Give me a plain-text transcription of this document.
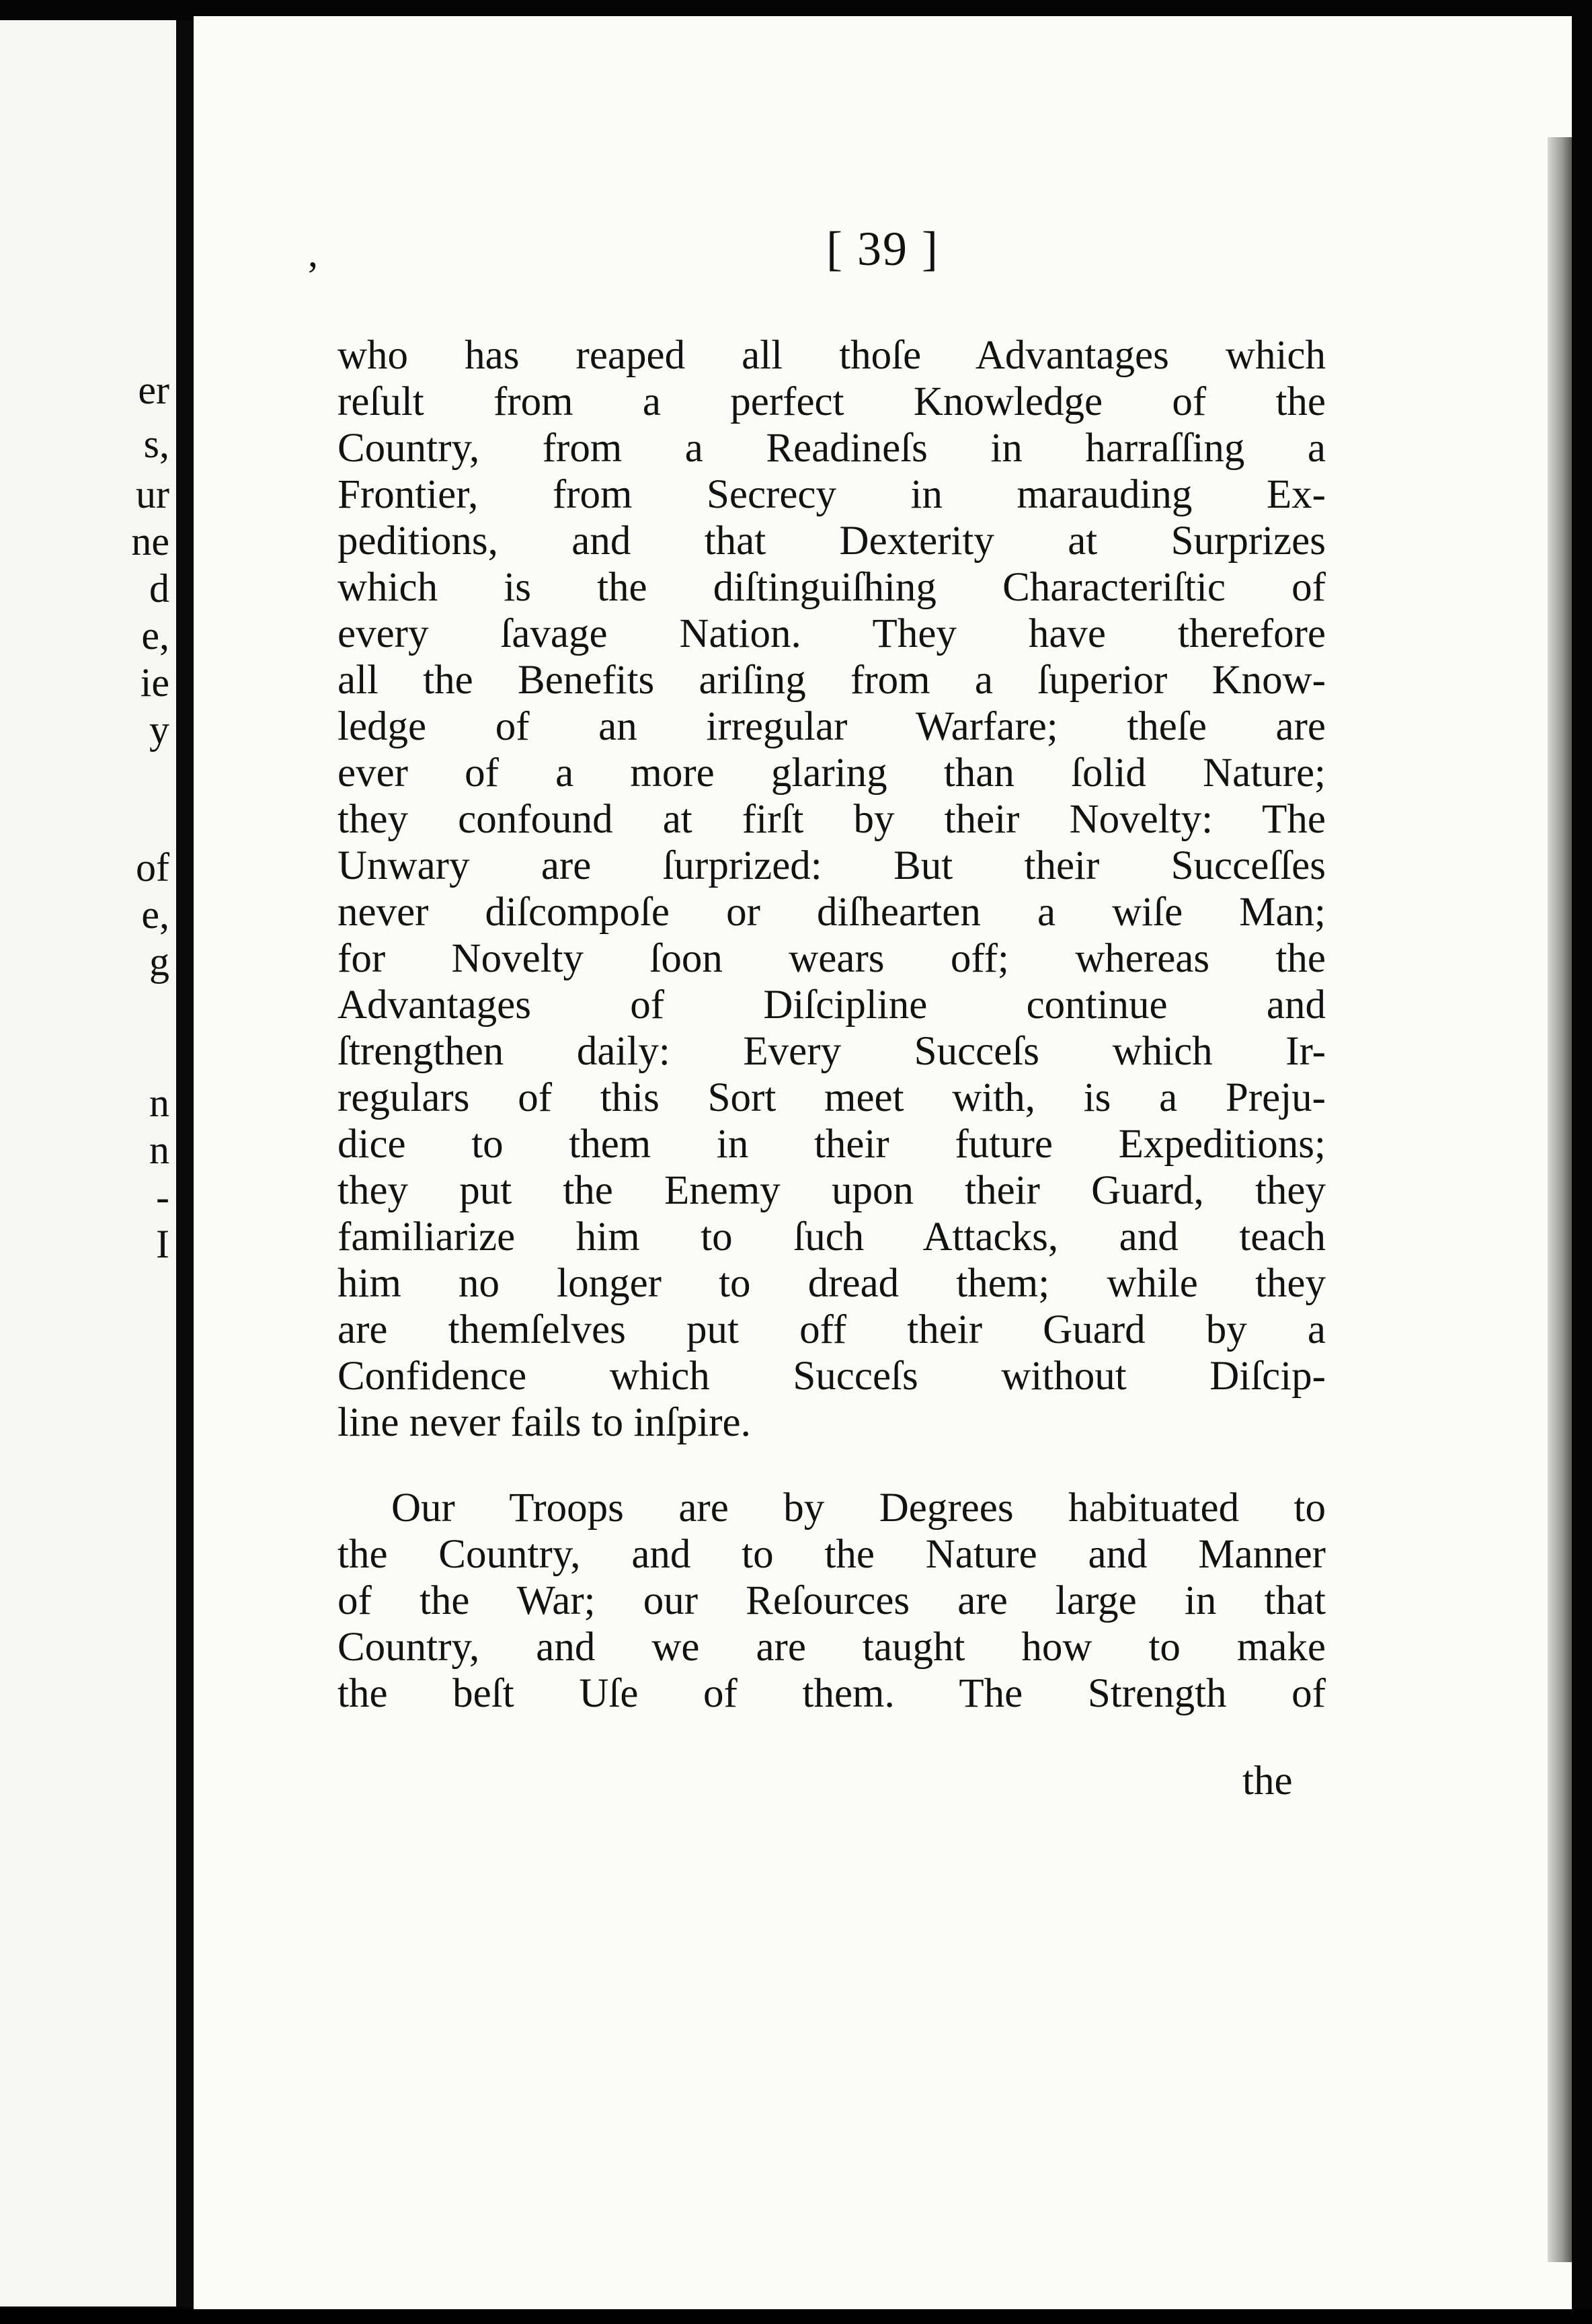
er
s,
ur
ne
d
e,
ie
y
of
e,
g
n
n
-
I
,	[ 39 ]
who has reaped all thoſe Advantages which
reſult from a perfect Knowledge of the
Country, from a Readineſs in harraſſing a
Frontier, from Secrecy in marauding Ex-
peditions, and that Dexterity at Surprizes
which is the diſtinguiſhing Characteriſtic of
every ſavage Nation. They have therefore
all the Benefits ariſing from a ſuperior Know-
ledge of an irregular Warfare; theſe are
ever of a more glaring than ſolid Nature;
they confound at firſt by their Novelty: The
Unwary are ſurprized: But their Succeſſes
never diſcompoſe or diſhearten a wiſe Man;
for Novelty ſoon wears off; whereas the
Advantages of Diſcipline continue and
ſtrengthen daily: Every Succeſs which Ir-
regulars of this Sort meet with, is a Preju-
dice to them in their future Expeditions;
they put the Enemy upon their Guard, they
familiarize him to ſuch Attacks, and teach
him no longer to dread them; while they
are themſelves put off their Guard by a
Confidence which Succeſs without Diſcip-
line never fails to inſpire.
Our Troops are by Degrees habituated to
the Country, and to the Nature and Manner
of the War; our Reſources are large in that
Country, and we are taught how to make
the beſt Uſe of them. The Strength of
the
